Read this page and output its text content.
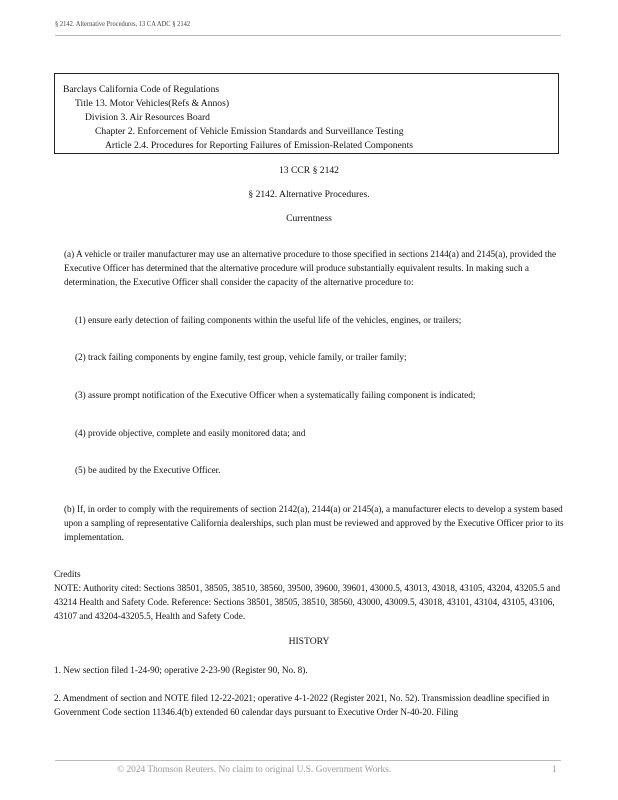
§ 2142. Alternative Procedures, 13 CA ADC § 2142
Barclays California Code of Regulations
Title 13. Motor Vehicles(Refs & Annos)
Division 3. Air Resources Board
Chapter 2. Enforcement of Vehicle Emission Standards and Surveillance Testing
Article 2.4. Procedures for Reporting Failures of Emission-Related Components
13 CCR § 2142
§ 2142. Alternative Procedures.
Currentness
(a) A vehicle or trailer manufacturer may use an alternative procedure to those specified in sections 2144(a) and 2145(a), provided the Executive Officer has determined that the alternative procedure will produce substantially equivalent results. In making such a determination, the Executive Officer shall consider the capacity of the alternative procedure to:
(1) ensure early detection of failing components within the useful life of the vehicles, engines, or trailers;
(2) track failing components by engine family, test group, vehicle family, or trailer family;
(3) assure prompt notification of the Executive Officer when a systematically failing component is indicated;
(4) provide objective, complete and easily monitored data; and
(5) be audited by the Executive Officer.
(b) If, in order to comply with the requirements of section 2142(a), 2144(a) or 2145(a), a manufacturer elects to develop a system based upon a sampling of representative California dealerships, such plan must be reviewed and approved by the Executive Officer prior to its implementation.
Credits
NOTE: Authority cited: Sections 38501, 38505, 38510, 38560, 39500, 39600, 39601, 43000.5, 43013, 43018, 43105, 43204, 43205.5 and 43214 Health and Safety Code. Reference: Sections 38501, 38505, 38510, 38560, 43000, 43009.5, 43018, 43101, 43104, 43105, 43106, 43107 and 43204-43205.5, Health and Safety Code.
HISTORY
1. New section filed 1-24-90; operative 2-23-90 (Register 90, No. 8).
2. Amendment of section and NOTE filed 12-22-2021; operative 4-1-2022 (Register 2021, No. 52). Transmission deadline specified in Government Code section 11346.4(b) extended 60 calendar days pursuant to Executive Order N-40-20. Filing
© 2024 Thomson Reuters. No claim to original U.S. Government Works.	1
